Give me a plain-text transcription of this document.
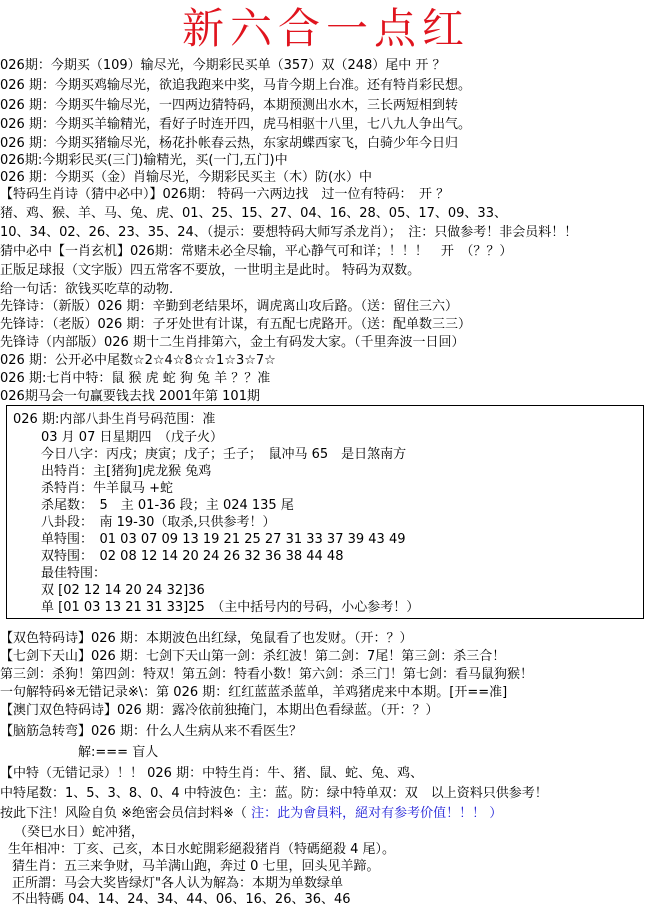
新六合一点红
026期：今期买（109）输尽光，今期彩民买单（357）双（248）尾中 开 ？
026 期：今期买鸡输尽光，欲追我跑来中奖，马肯今期上台准。还有特肖彩民想。
026 期：今期买牛输尽光，一四两边猜特码，本期预测出水木，三长两短相到转
026 期：今期买羊输精光，看好子时连开四，虎马相驱十八里，七八九人争出气。
026 期：今期买猪输尽光，杨花扑帐春云热，东家胡蝶西家飞，白骑少年今日归
026期:今期彩民买(三门)输精光，买(一门,五门)中
026 期：今期买（金）肖输尽光，今期彩民买主（木）防(水）中
【特码生肖诗（猜中必中）】026期： 特码一六两边找　过一位有特码：　开 ？
猪、鸡、猴、羊、马、兔、虎、01、25、15、27、04、16、28、05、17、09、33、
10、34、02、26、23、35、24、（提示：要想特码大师写杀龙肖）；　注：只做参考！非会员料！！
猜中必中【一肖玄机】026期：常赌未必全尽输，平心静气可和详；！！！　开　（？？）
正版足球报（文字版）四五常客不要放，一世明主是此时。 特码为双数。
给一句话：欲钱买吃草的动物.
先锋诗：（新版）026 期：辛勤到老结果坏，调虎离山攻后路。（送：留住三六）
先锋诗：（老版）026 期：子牙处世有计谋，有五配七虎路开。（送：配单数三三）
先锋诗（内部版）026 期十二生肖排第六，金土有码发大家。（千里奔波一日回）
026 期：公开必中尾数☆2☆4☆8☆☆1☆3☆7☆
026 期:七肖中特：鼠 猴 虎 蛇 狗 兔 羊 ？？准
026期马会一句赢要钱去找 2001年第 101期
026 期:内部八卦生肖号码范围：准
03 月 07 日星期四　（戊子火）
今日八字：丙戌；庚寅；戊子；壬子；　鼠冲马 65　是日煞南方
出特肖：主[猪狗]虎龙猴 兔鸡
杀特肖：牛羊鼠马 +蛇
杀尾数：　5　主 01-36 段；主 024 135 尾
八卦段：　南 19-30（取杀,只供参考！）
单特围：　01 03 07 09 13 19 21 25 27 31 33 37 39 43 49
双特围：　02 08 12 14 20 24 26 32 36 38 44 48
最佳特围：
双 [02 12 14 20 24 32]36
单 [01 03 13 21 31 33]25　（主中括号内的号码，小心参考！）
【双色特码诗】026 期：本期波色出红绿，兔鼠看了也发财。（开：？）
【七剑下天山】026 期：七剑下天山第一剑：杀红波！第二剑：7尾！第三剑：杀三合！
第三剑：杀狗！第四剑：特双！第五剑：特看小数！第六剑：杀三门！第七剑：看马鼠狗猴！
一句解特码※无错记录※\：第 026 期：红红蓝蓝杀蓝单，羊鸡猪虎来中本期。[开==准]
【澳门双色特码诗】026 期：露冷依前独掩门，本期出色看绿蓝。（开：？）
【脑筋急转弯】026 期：什么人生病从来不看医生？
解:=== 盲人
【中特（无错记录）！！ 026 期：中特生肖：牛、猪、鼠、蛇、兔、鸡、
中特尾数：1、5、3、8、0、4 中特波色：主：蓝。防：绿中特单双：双　以上资料只供参考！
按此下注！风险自负 ※绝密会员信封料※（ 注：此为會員料，絕对有参考价值！！！ ）
（癸巳水日）蛇冲猪，
生年相冲：丁亥、己亥，本日水蛇開彩絕殺猪肖（特碼絕殺 4 尾）。
猜生肖：五三来争财，马羊满山跑，奔过 0 七里，回头见羊蹄。
正所謂：马会大奖皆绿灯"各人认为解為：本期为单数绿单
不出特碼 04、14、24、34、44、06、16、26、36、46
